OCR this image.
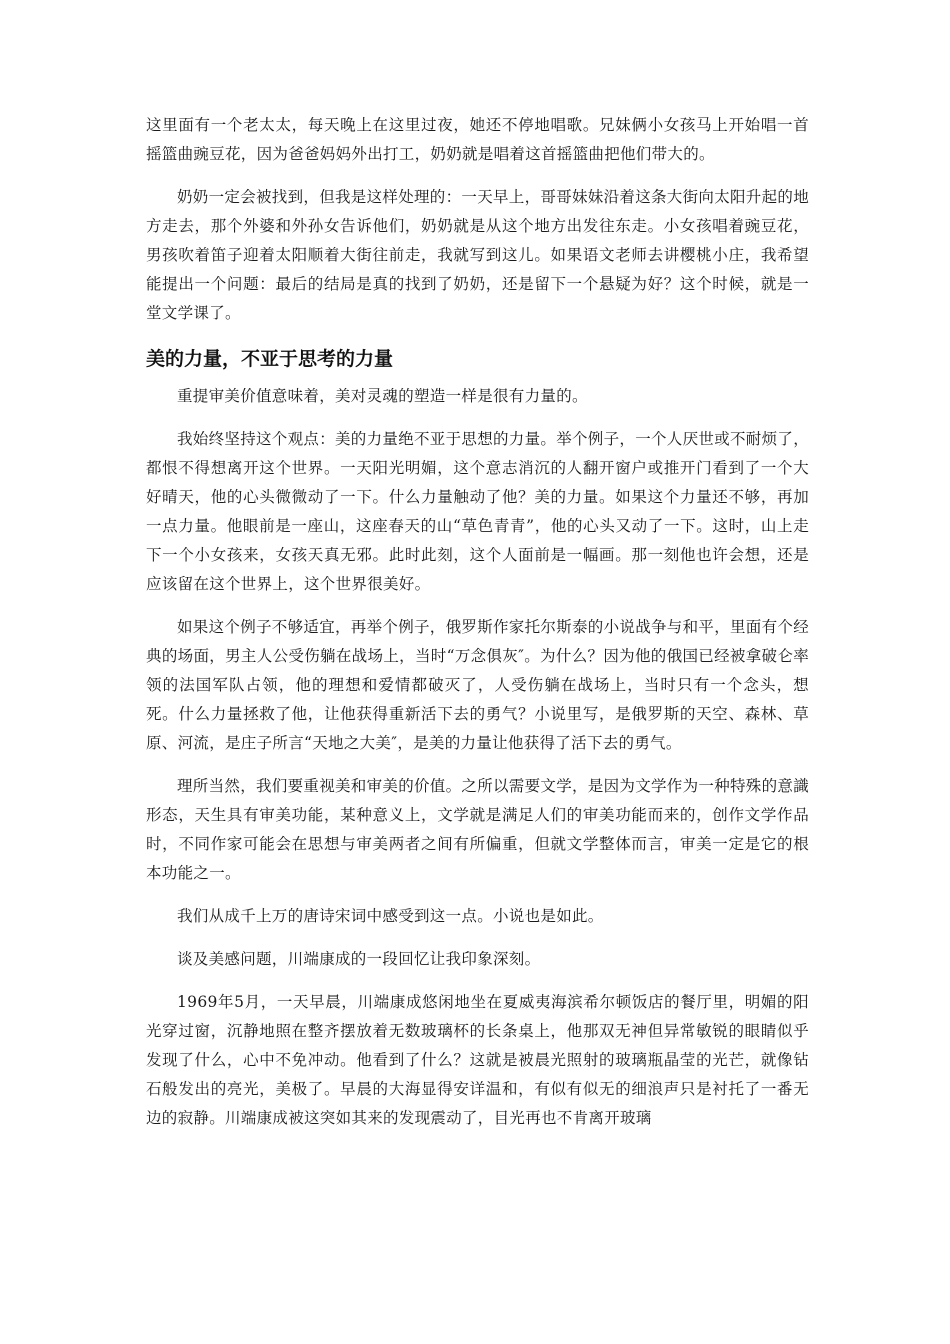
这里面有一个老太太，每天晚上在这里过夜，她还不停地唱歌。兄妹俩小女孩马上开始唱一首摇篮曲豌豆花，因为爸爸妈妈外出打工，奶奶就是唱着这首摇篮曲把他们带大的。

奶奶一定会被找到，但我是这样处理的：一天早上，哥哥妹妹沿着这条大街向太阳升起的地方走去，那个外婆和外孙女告诉他们，奶奶就是从这个地方出发往东走。小女孩唱着豌豆花，男孩吹着笛子迎着太阳顺着大街往前走，我就写到这儿。如果语文老师去讲樱桃小庄，我希望能提出一个问题：最后的结局是真的找到了奶奶，还是留下一个悬疑为好？这个时候，就是一堂文学课了。

美的力量，不亚于思考的力量

重提审美价值意味着，美对灵魂的塑造一样是很有力量的。

我始终坚持这个观点：美的力量绝不亚于思想的力量。举个例子，一个人厌世或不耐烦了，都恨不得想离开这个世界。一天阳光明媚，这个意志消沉的人翻开窗户或推开门看到了一个大好晴天，他的心头微微动了一下。什么力量触动了他？美的力量。如果这个力量还不够，再加一点力量。他眼前是一座山，这座春天的山“草色青青”，他的心头又动了一下。这时，山上走下一个小女孩来，女孩天真无邪。此时此刻，这个人面前是一幅画。那一刻他也许会想，还是应该留在这个世界上，这个世界很美好。

如果这个例子不够适宜，再举个例子，俄罗斯作家托尔斯泰的小说战争与和平，里面有个经典的场面，男主人公受伤躺在战场上，当时“万念俱灰″。为什么？因为他的俄国已经被拿破仑率领的法国军队占领，他的理想和爱情都破灭了，人受伤躺在战场上，当时只有一个念头，想死。什么力量拯救了他，让他获得重新活下去的勇气？小说里写，是俄罗斯的天空、森林、草原、河流，是庄子所言“天地之大美″，是美的力量让他获得了活下去的勇气。

理所当然，我们要重视美和审美的价值。之所以需要文学，是因为文学作为一种特殊的意識形态，天生具有审美功能，某种意义上，文学就是满足人们的审美功能而来的，创作文学作品时，不同作家可能会在思想与审美两者之间有所偏重，但就文学整体而言，审美一定是它的根本功能之一。

我们从成千上万的唐诗宋词中感受到这一点。小说也是如此。

谈及美感问题，川端康成的一段回忆让我印象深刻。

1969年5月，一天早晨，川端康成悠闲地坐在夏威夷海滨希尔顿饭店的餐厅里，明媚的阳光穿过窗，沉静地照在整齐摆放着无数玻璃杯的长条桌上，他那双无神但异常敏锐的眼睛似乎发现了什么，心中不免冲动。他看到了什么？这就是被晨光照射的玻璃瓶晶莹的光芒，就像钻石般发出的亮光，美极了。早晨的大海显得安详温和，有似有似无的细浪声只是衬托了一番无边的寂静。川端康成被这突如其来的发现震动了，目光再也不肯离开玻璃
